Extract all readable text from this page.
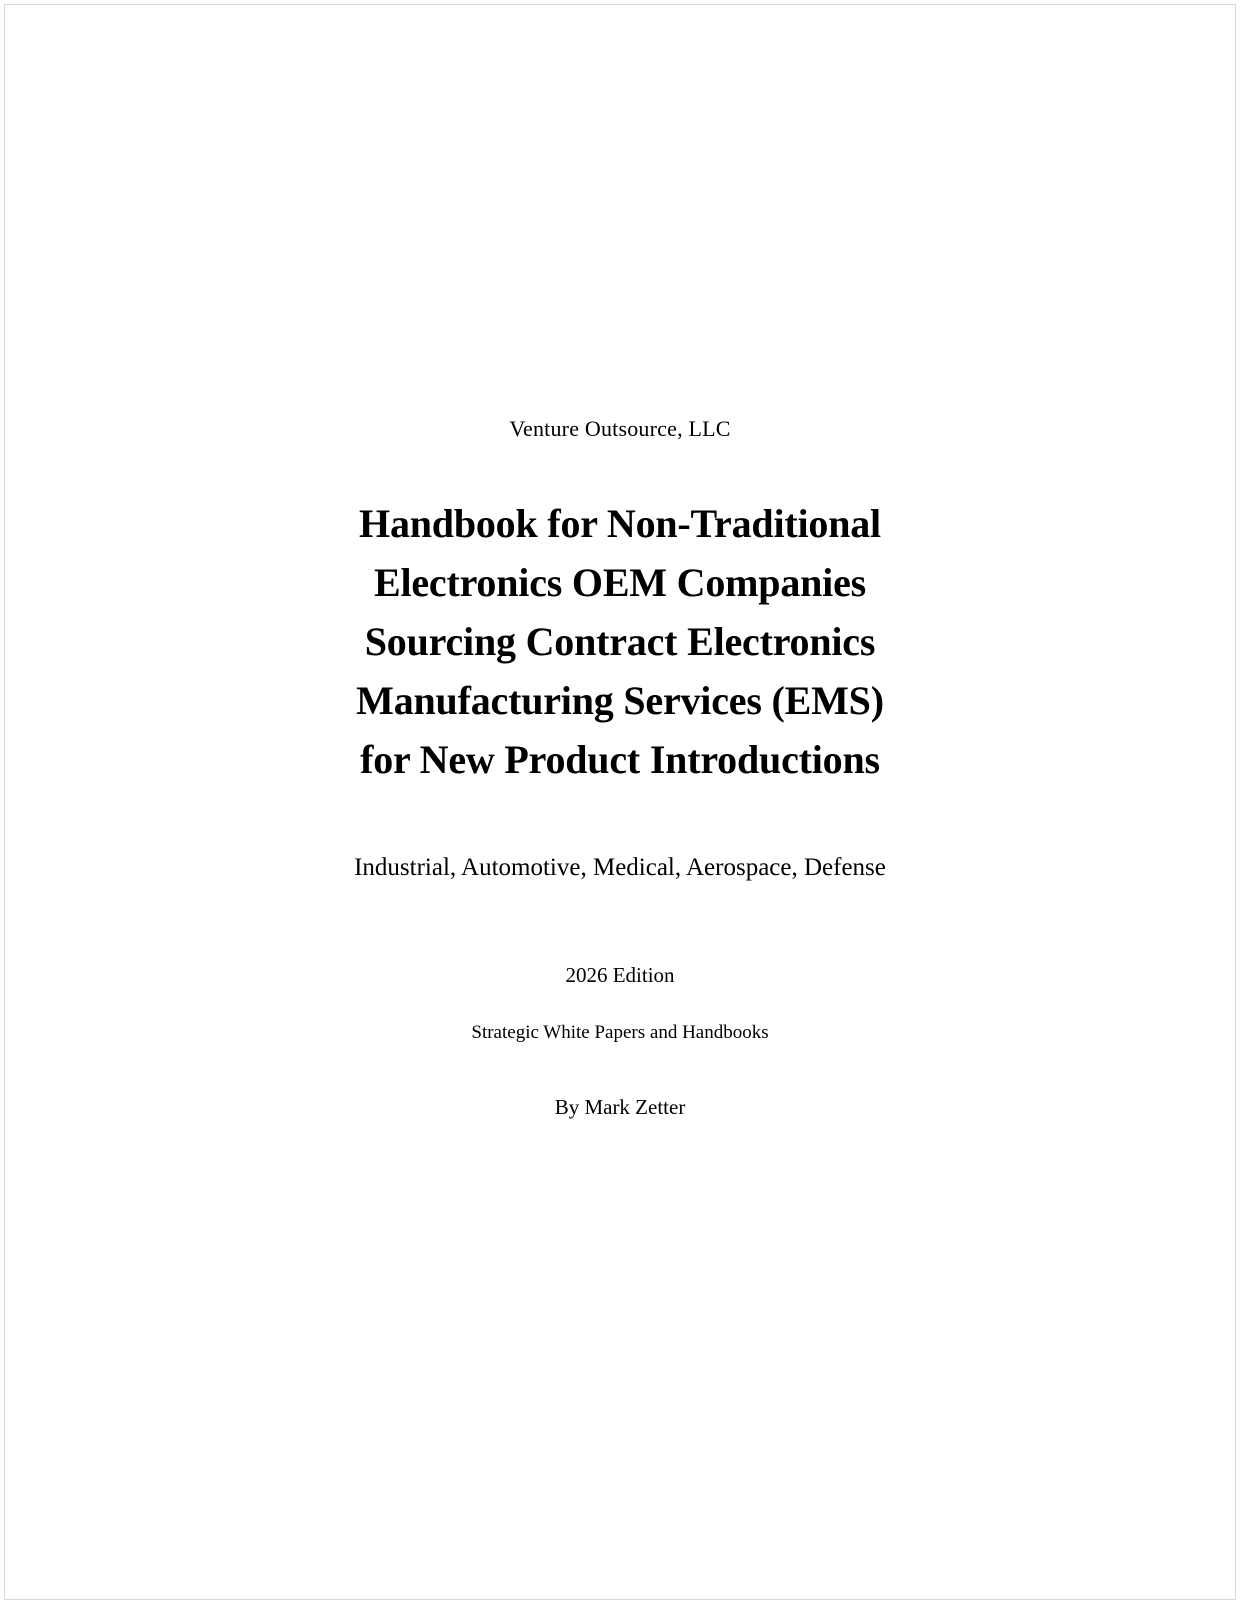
Venture Outsource, LLC
Handbook for Non-Traditional
Electronics OEM Companies
Sourcing Contract Electronics
Manufacturing Services (EMS)
for New Product Introductions
Industrial, Automotive, Medical, Aerospace, Defense
2026 Edition
Strategic White Papers and Handbooks
By Mark Zetter
